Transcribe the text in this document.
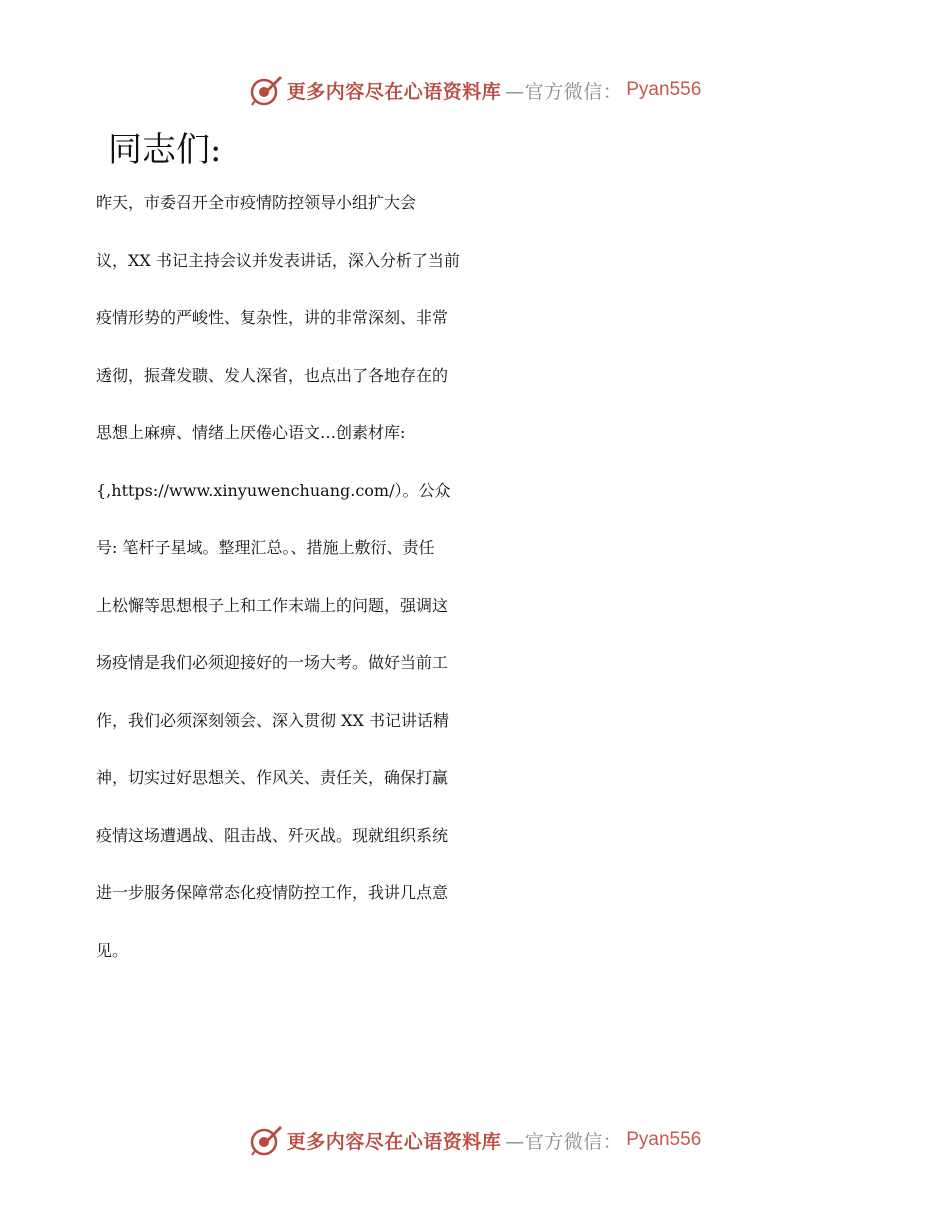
更多内容尽在心语资料库 —官方微信： Pyan556
同志们:
昨天，市委召开全市疫情防控领导小组扩大会
议，XX 书记主持会议并发表讲话，深入分析了当前
疫情形势的严峻性、复杂性，讲的非常深刻、非常
透彻，振聋发聩、发人深省，也点出了各地存在的
思想上麻痹、情绪上厌倦心语文…创素材库:
{,https://www.xinyuwenchuang.com/）。公众
号: 笔杆子星域。整理汇总。、措施上敷衍、责任
上松懈等思想根子上和工作末端上的问题，强调这
场疫情是我们必须迎接好的一场大考。做好当前工
作，我们必须深刻领会、深入贯彻 XX 书记讲话精
神，切实过好思想关、作风关、责任关，确保打赢
疫情这场遭遇战、阻击战、歼灭战。现就组织系统
进一步服务保障常态化疫情防控工作，我讲几点意
见。
更多内容尽在心语资料库 —官方微信： Pyan556
